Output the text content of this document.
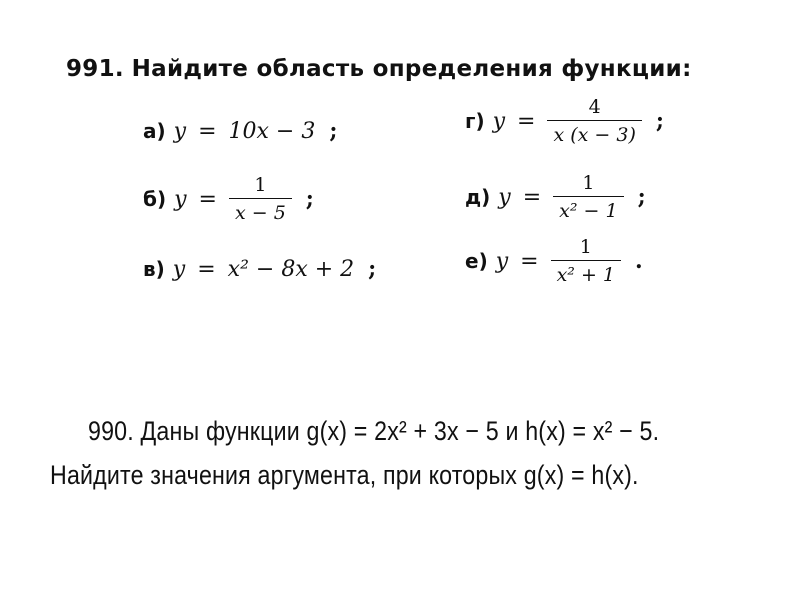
991. Найдите область определения функции:
а) y = 10x − 3 ;
б) $y = \frac{1}{x - 5}$ ;
в) y = x² − 8x + 2 ;
г) $y = \frac{4}{x (x - 3)}$ ;
д) $y = \frac{1}{\text{x² − 1}}$ ;
е) $y = \frac{1}{\text{x² + 1}}$ .
990. Даны функции g(x) = 2x² + 3x − 5 и h(x) = x² − 5.
Найдите значения аргумента, при которых g(x) = h(x).
